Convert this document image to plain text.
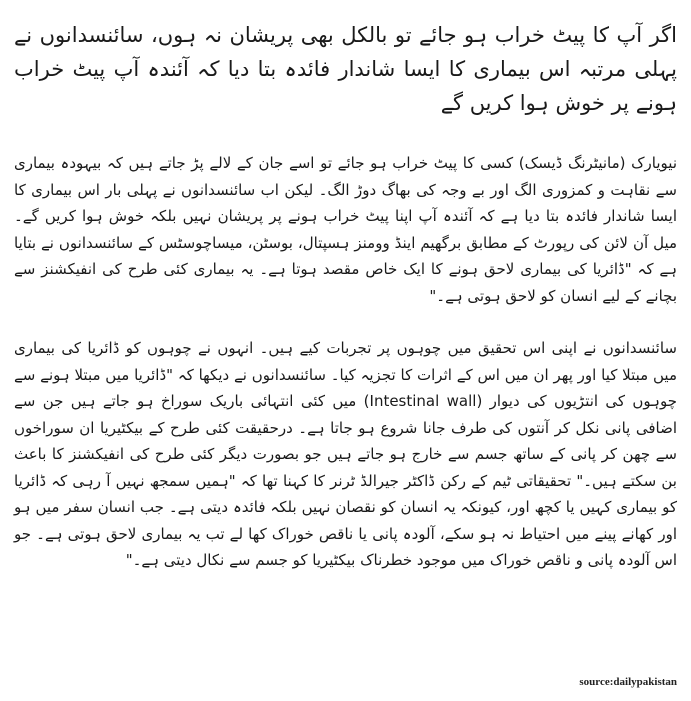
اگر آپ کا پیٹ خراب ہو جائے تو بالکل بھی پریشان نہ ہوں، سائنسدانوں نے پہلی مرتبہ اس بیماری کا ایسا شاندار فائدہ بتا دیا کہ آئندہ آپ پیٹ خراب ہونے پر خوش ہوا کریں گے

نیویارک (مانیٹرنگ ڈیسک) کسی کا پیٹ خراب ہو جائے تو اسے جان کے لالے پڑ جاتے ہیں کہ بیہودہ بیماری سے نقاہت و کمزوری الگ اور بے وجہ کی بھاگ دوڑ الگ۔ لیکن اب سائنسدانوں نے پہلی بار اس بیماری کا ایسا شاندار فائدہ بتا دیا ہے کہ آئندہ آپ اپنا پیٹ خراب ہونے پر پریشان نہیں بلکہ خوش ہوا کریں گے۔ میل آن لائن کی رپورٹ کے مطابق برگھیم اینڈ وومنز ہسپتال، بوسٹن، میساچوسٹس کے سائنسدانوں نے بتایا ہے کہ "ڈائریا کی بیماری لاحق ہونے کا ایک خاص مقصد ہوتا ہے۔ یہ بیماری کئی طرح کی انفیکشنز سے بچانے کے لیے انسان کو لاحق ہوتی ہے۔"

سائنسدانوں نے اپنی اس تحقیق میں چوہوں پر تجربات کیے ہیں۔ انہوں نے چوہوں کو ڈائریا کی بیماری میں مبتلا کیا اور پھر ان میں اس کے اثرات کا تجزیہ کیا۔ سائنسدانوں نے دیکھا کہ "ڈائریا میں مبتلا ہونے سے چوہوں کی انتڑیوں کی دیوار (Intestinal wall) میں کئی انتہائی باریک سوراخ ہو جاتے ہیں جن سے اضافی پانی نکل کر آنتوں کی طرف جانا شروع ہو جاتا ہے۔ درحقیقت کئی طرح کے بیکٹیریا ان سوراخوں سے چھن کر پانی کے ساتھ جسم سے خارج ہو جاتے ہیں جو بصورت دیگر کئی طرح کی انفیکشنز کا باعث بن سکتے ہیں۔" تحقیقاتی ٹیم کے رکن ڈاکٹر جیرالڈ ٹرنر کا کہنا تھا کہ "ہمیں سمجھ نہیں آ رہی کہ ڈائریا کو بیماری کہیں یا کچھ اور، کیونکہ یہ انسان کو نقصان نہیں بلکہ فائدہ دیتی ہے۔ جب انسان سفر میں ہو اور کھانے پینے میں احتیاط نہ ہو سکے، آلودہ پانی یا ناقص خوراک کھا لے تب یہ بیماری لاحق ہوتی ہے۔ جو اس آلودہ پانی و ناقص خوراک میں موجود خطرناک بیکٹیریا کو جسم سے نکال دیتی ہے۔"

source:dailypakistan
